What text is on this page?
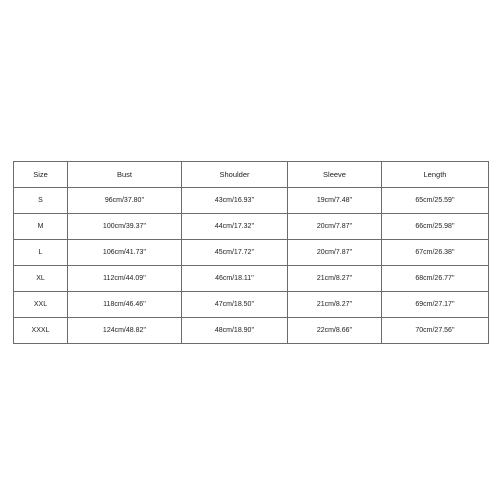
Size	Bust	Shoulder	Sleeve	Length
S	96cm/37.80''	43cm/16.93''	19cm/7.48''	65cm/25.59''
M	100cm/39.37''	44cm/17.32''	20cm/7.87''	66cm/25.98''
L	106cm/41.73''	45cm/17.72''	20cm/7.87''	67cm/26.38''
XL	112cm/44.09''	46cm/18.11''	21cm/8.27''	68cm/26.77''
XXL	118cm/46.46''	47cm/18.50''	21cm/8.27''	69cm/27.17''
XXXL	124cm/48.82''	48cm/18.90''	22cm/8.66''	70cm/27.56''
